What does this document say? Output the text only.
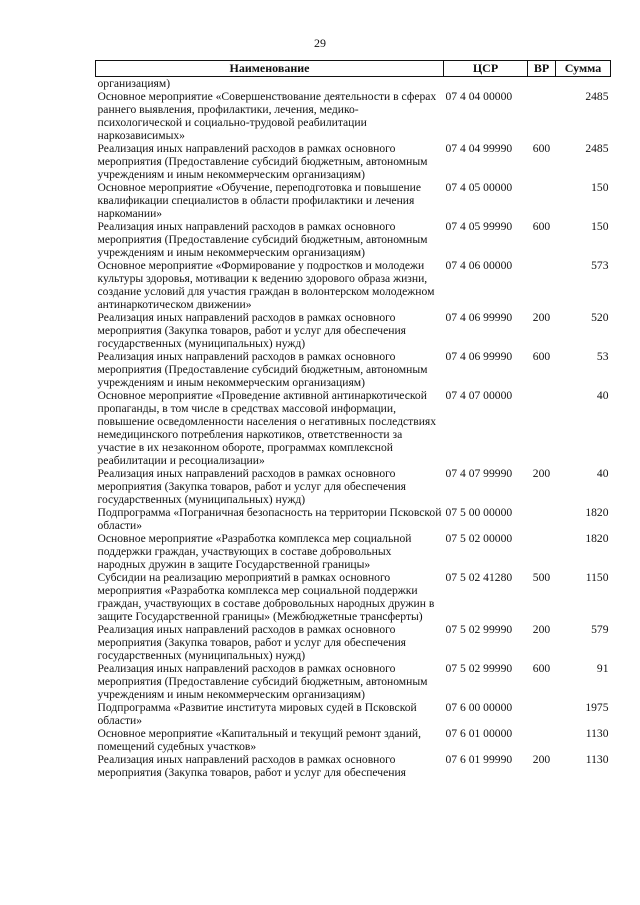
29
Наименование	ЦСР	ВР	Сумма
организациям)			
Основное мероприятие «Совершенствование деятельности в сферах раннего выявления, профилактики, лечения, медико-психологической и социально-трудовой реабилитации наркозависимых»	07 4 04 00000		2485
Реализация иных направлений расходов в рамках основного мероприятия (Предоставление субсидий бюджетным, автономным учреждениям и иным некоммерческим организациям)	07 4 04 99990	600	2485
Основное мероприятие «Обучение, переподготовка и повышение квалификации специалистов в области профилактики и лечения наркомании»	07 4 05 00000		150
Реализация иных направлений расходов в рамках основного мероприятия (Предоставление субсидий бюджетным, автономным учреждениям и иным некоммерческим организациям)	07 4 05 99990	600	150
Основное мероприятие «Формирование у подростков и молодежи культуры здоровья, мотивации к ведению здорового образа жизни, создание условий для участия граждан в волонтерском молодежном антинаркотическом движении»	07 4 06 00000		573
Реализация иных направлений расходов в рамках основного мероприятия (Закупка товаров, работ и услуг для обеспечения государственных (муниципальных) нужд)	07 4 06 99990	200	520
Реализация иных направлений расходов в рамках основного мероприятия (Предоставление субсидий бюджетным, автономным учреждениям и иным некоммерческим организациям)	07 4 06 99990	600	53
Основное мероприятие «Проведение активной антинаркотической пропаганды, в том числе в средствах массовой информации, повышение осведомленности населения о негативных последствиях немедицинского потребления наркотиков, ответственности за участие в их незаконном обороте, программах комплексной реабилитации и ресоциализации»	07 4 07 00000		40
Реализация иных направлений расходов в рамках основного мероприятия (Закупка товаров, работ и услуг для обеспечения государственных (муниципальных) нужд)	07 4 07 99990	200	40
Подпрограмма «Пограничная безопасность на территории Псковской области»	07 5 00 00000		1820
Основное мероприятие «Разработка комплекса мер социальной поддержки граждан, участвующих в составе добровольных народных дружин в защите Государственной границы»	07 5 02 00000		1820
Субсидии на реализацию мероприятий в рамках основного мероприятия «Разработка комплекса мер социальной поддержки граждан, участвующих в составе добровольных народных дружин в защите Государственной границы» (Межбюджетные трансферты)	07 5 02 41280	500	1150
Реализация иных направлений расходов в рамках основного мероприятия (Закупка товаров, работ и услуг для обеспечения государственных (муниципальных) нужд)	07 5 02 99990	200	579
Реализация иных направлений расходов в рамках основного мероприятия (Предоставление субсидий бюджетным, автономным учреждениям и иным некоммерческим организациям)	07 5 02 99990	600	91
Подпрограмма «Развитие института мировых судей в Псковской области»	07 6 00 00000		1975
Основное мероприятие «Капитальный и текущий ремонт зданий, помещений судебных участков»	07 6 01 00000		1130
Реализация иных направлений расходов в рамках основного мероприятия (Закупка товаров, работ и услуг для обеспечения	07 6 01 99990	200	1130
